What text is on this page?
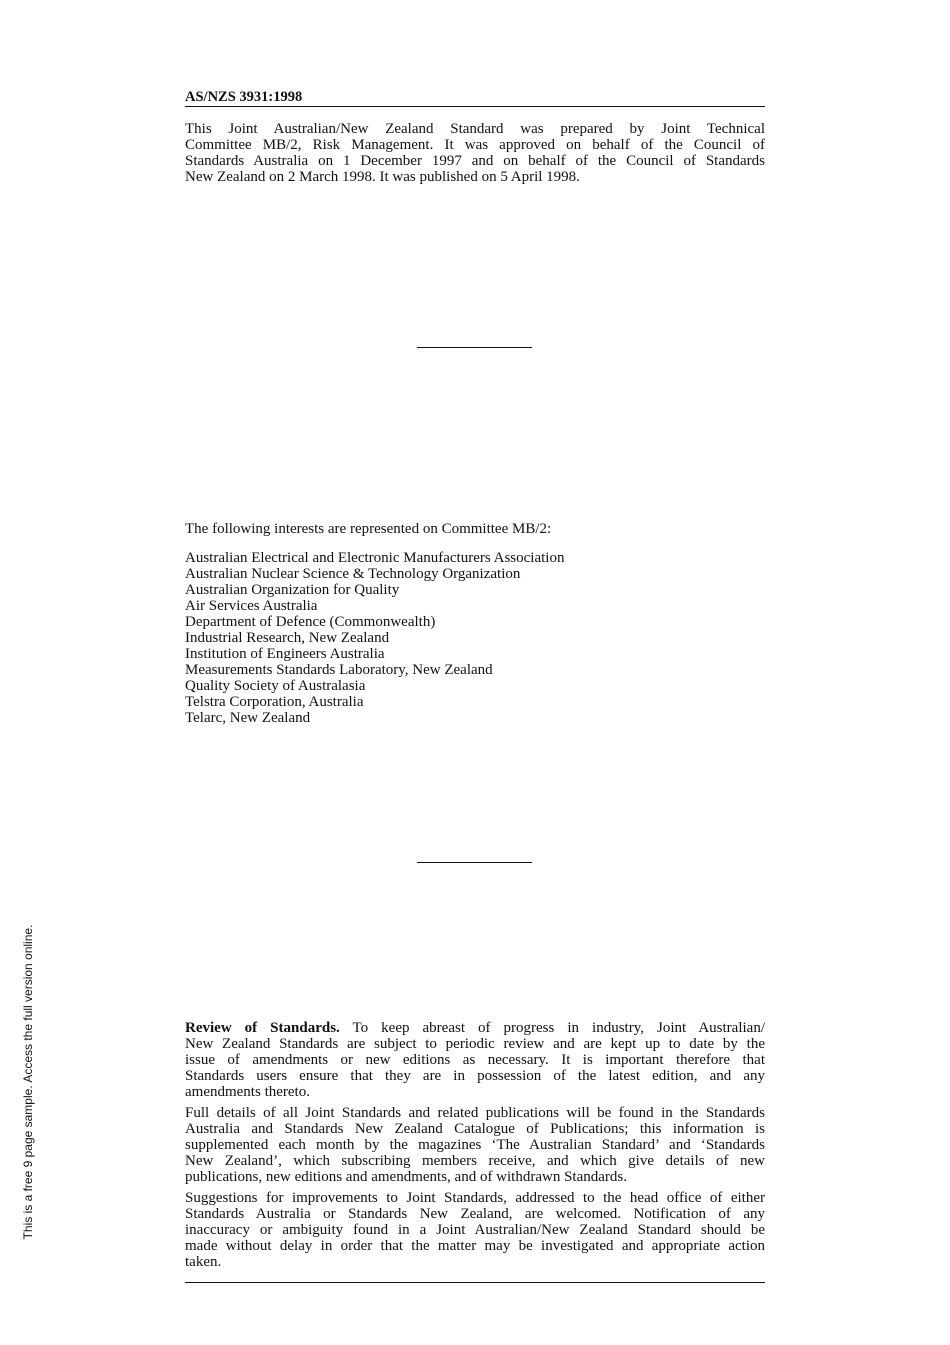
AS/NZS 3931:1998
This Joint Australian/New Zealand Standard was prepared by Joint Technical
Committee MB/2, Risk Management. It was approved on behalf of the Council of
Standards Australia on 1 December 1997 and on behalf of the Council of Standards
New Zealand on 2 March 1998. It was published on 5 April 1998.
The following interests are represented on Committee MB/2:
Australian Electrical and Electronic Manufacturers Association
Australian Nuclear Science & Technology Organization
Australian Organization for Quality
Air Services Australia
Department of Defence (Commonwealth)
Industrial Research, New Zealand
Institution of Engineers Australia
Measurements Standards Laboratory, New Zealand
Quality Society of Australasia
Telstra Corporation, Australia
Telarc, New Zealand
Review of Standards. To keep abreast of progress in industry, Joint Australian/
New Zealand Standards are subject to periodic review and are kept up to date by the
issue of amendments or new editions as necessary. It is important therefore that
Standards users ensure that they are in possession of the latest edition, and any
amendments thereto.
Full details of all Joint Standards and related publications will be found in the Standards
Australia and Standards New Zealand Catalogue of Publications; this information is
supplemented each month by the magazines ‘The Australian Standard’ and ‘Standards
New Zealand’, which subscribing members receive, and which give details of new
publications, new editions and amendments, and of withdrawn Standards.
Suggestions for improvements to Joint Standards, addressed to the head office of either
Standards Australia or Standards New Zealand, are welcomed. Notification of any
inaccuracy or ambiguity found in a Joint Australian/New Zealand Standard should be
made without delay in order that the matter may be investigated and appropriate action
taken.
This is a free 9 page sample. Access the full version online.
